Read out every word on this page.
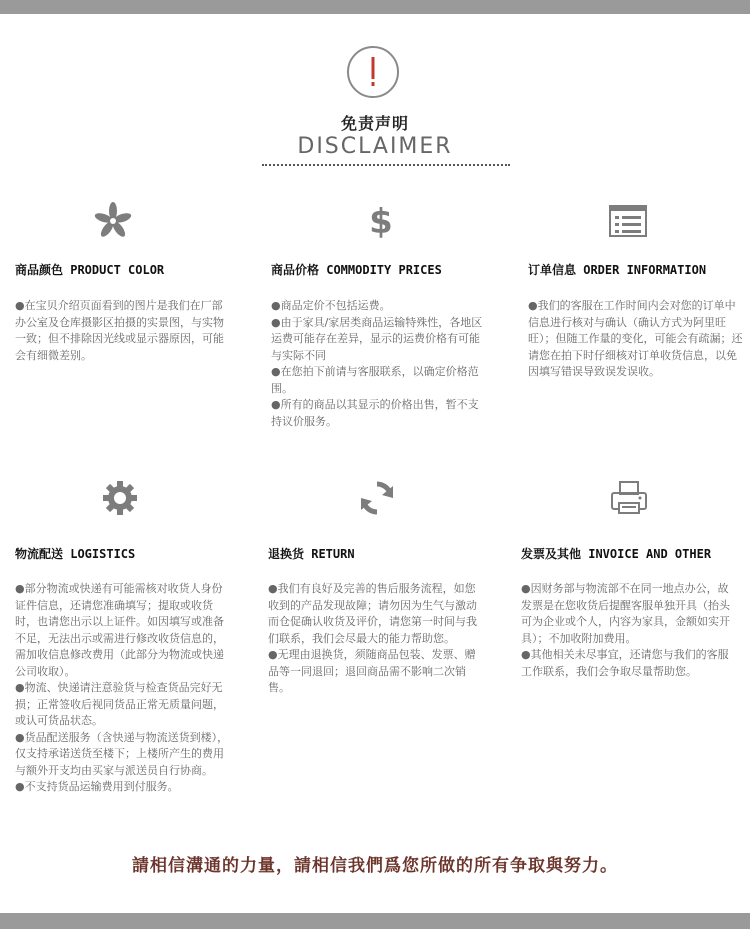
免责声明
DISCLAIMER
商品颜色 PRODUCT COLOR

●在宝贝介绍页面看到的图片是我们在厂部办公室及仓库摄影区拍摄的实景图，与实物一致；但不排除因光线或显示器原因，可能会有细微差别。

$
商品价格 COMMODITY PRICES

●商品定价不包括运费。

●由于家具/家居类商品运输特殊性，各地区运费可能存在差异，显示的运费价格有可能与实际不同

●在您拍下前请与客服联系，以确定价格范围。

●所有的商品以其显示的价格出售，暂不支持议价服务。

订单信息 ORDER INFORMATION

●我们的客服在工作时间内会对您的订单中信息进行核对与确认（确认方式为阿里旺旺）；但随工作量的变化，可能会有疏漏；还请您在拍下时仔细核对订单收货信息，以免因填写错误导致误发误收。

物流配送 LOGISTICS

●部分物流或快递有可能需核对收货人身份证件信息，还请您准确填写；提取或收货时，也请您出示以上证件。如因填写或准备不足，无法出示或需进行修改收货信息的，需加收信息修改费用（此部分为物流或快递公司收取）。

●物流、快递请注意验货与检查货品完好无损；正常签收后视同货品正常无质量问题，或认可货品状态。

●货品配送服务（含快递与物流送货到楼），仅支持承诺送货至楼下；上楼所产生的费用与额外开支均由买家与派送员自行协商。

●不支持货品运输费用到付服务。

退换货 RETURN

●我们有良好及完善的售后服务流程，如您收到的产品发现故障；请勿因为生气与激动而仓促确认收货及评价，请您第一时间与我们联系，我们会尽最大的能力帮助您。

●无理由退换货，须随商品包装、发票、赠品等一同退回；退回商品需不影响二次销售。

发票及其他 INVOICE AND OTHER

●因财务部与物流部不在同一地点办公，故发票是在您收货后提醒客服单独开具（抬头可为企业或个人，内容为家具，金额如实开具）；不加收附加费用。

●其他相关未尽事宜，还请您与我们的客服工作联系，我们会争取尽量帮助您。

請相信溝通的力量，請相信我們爲您所做的所有争取與努力。
